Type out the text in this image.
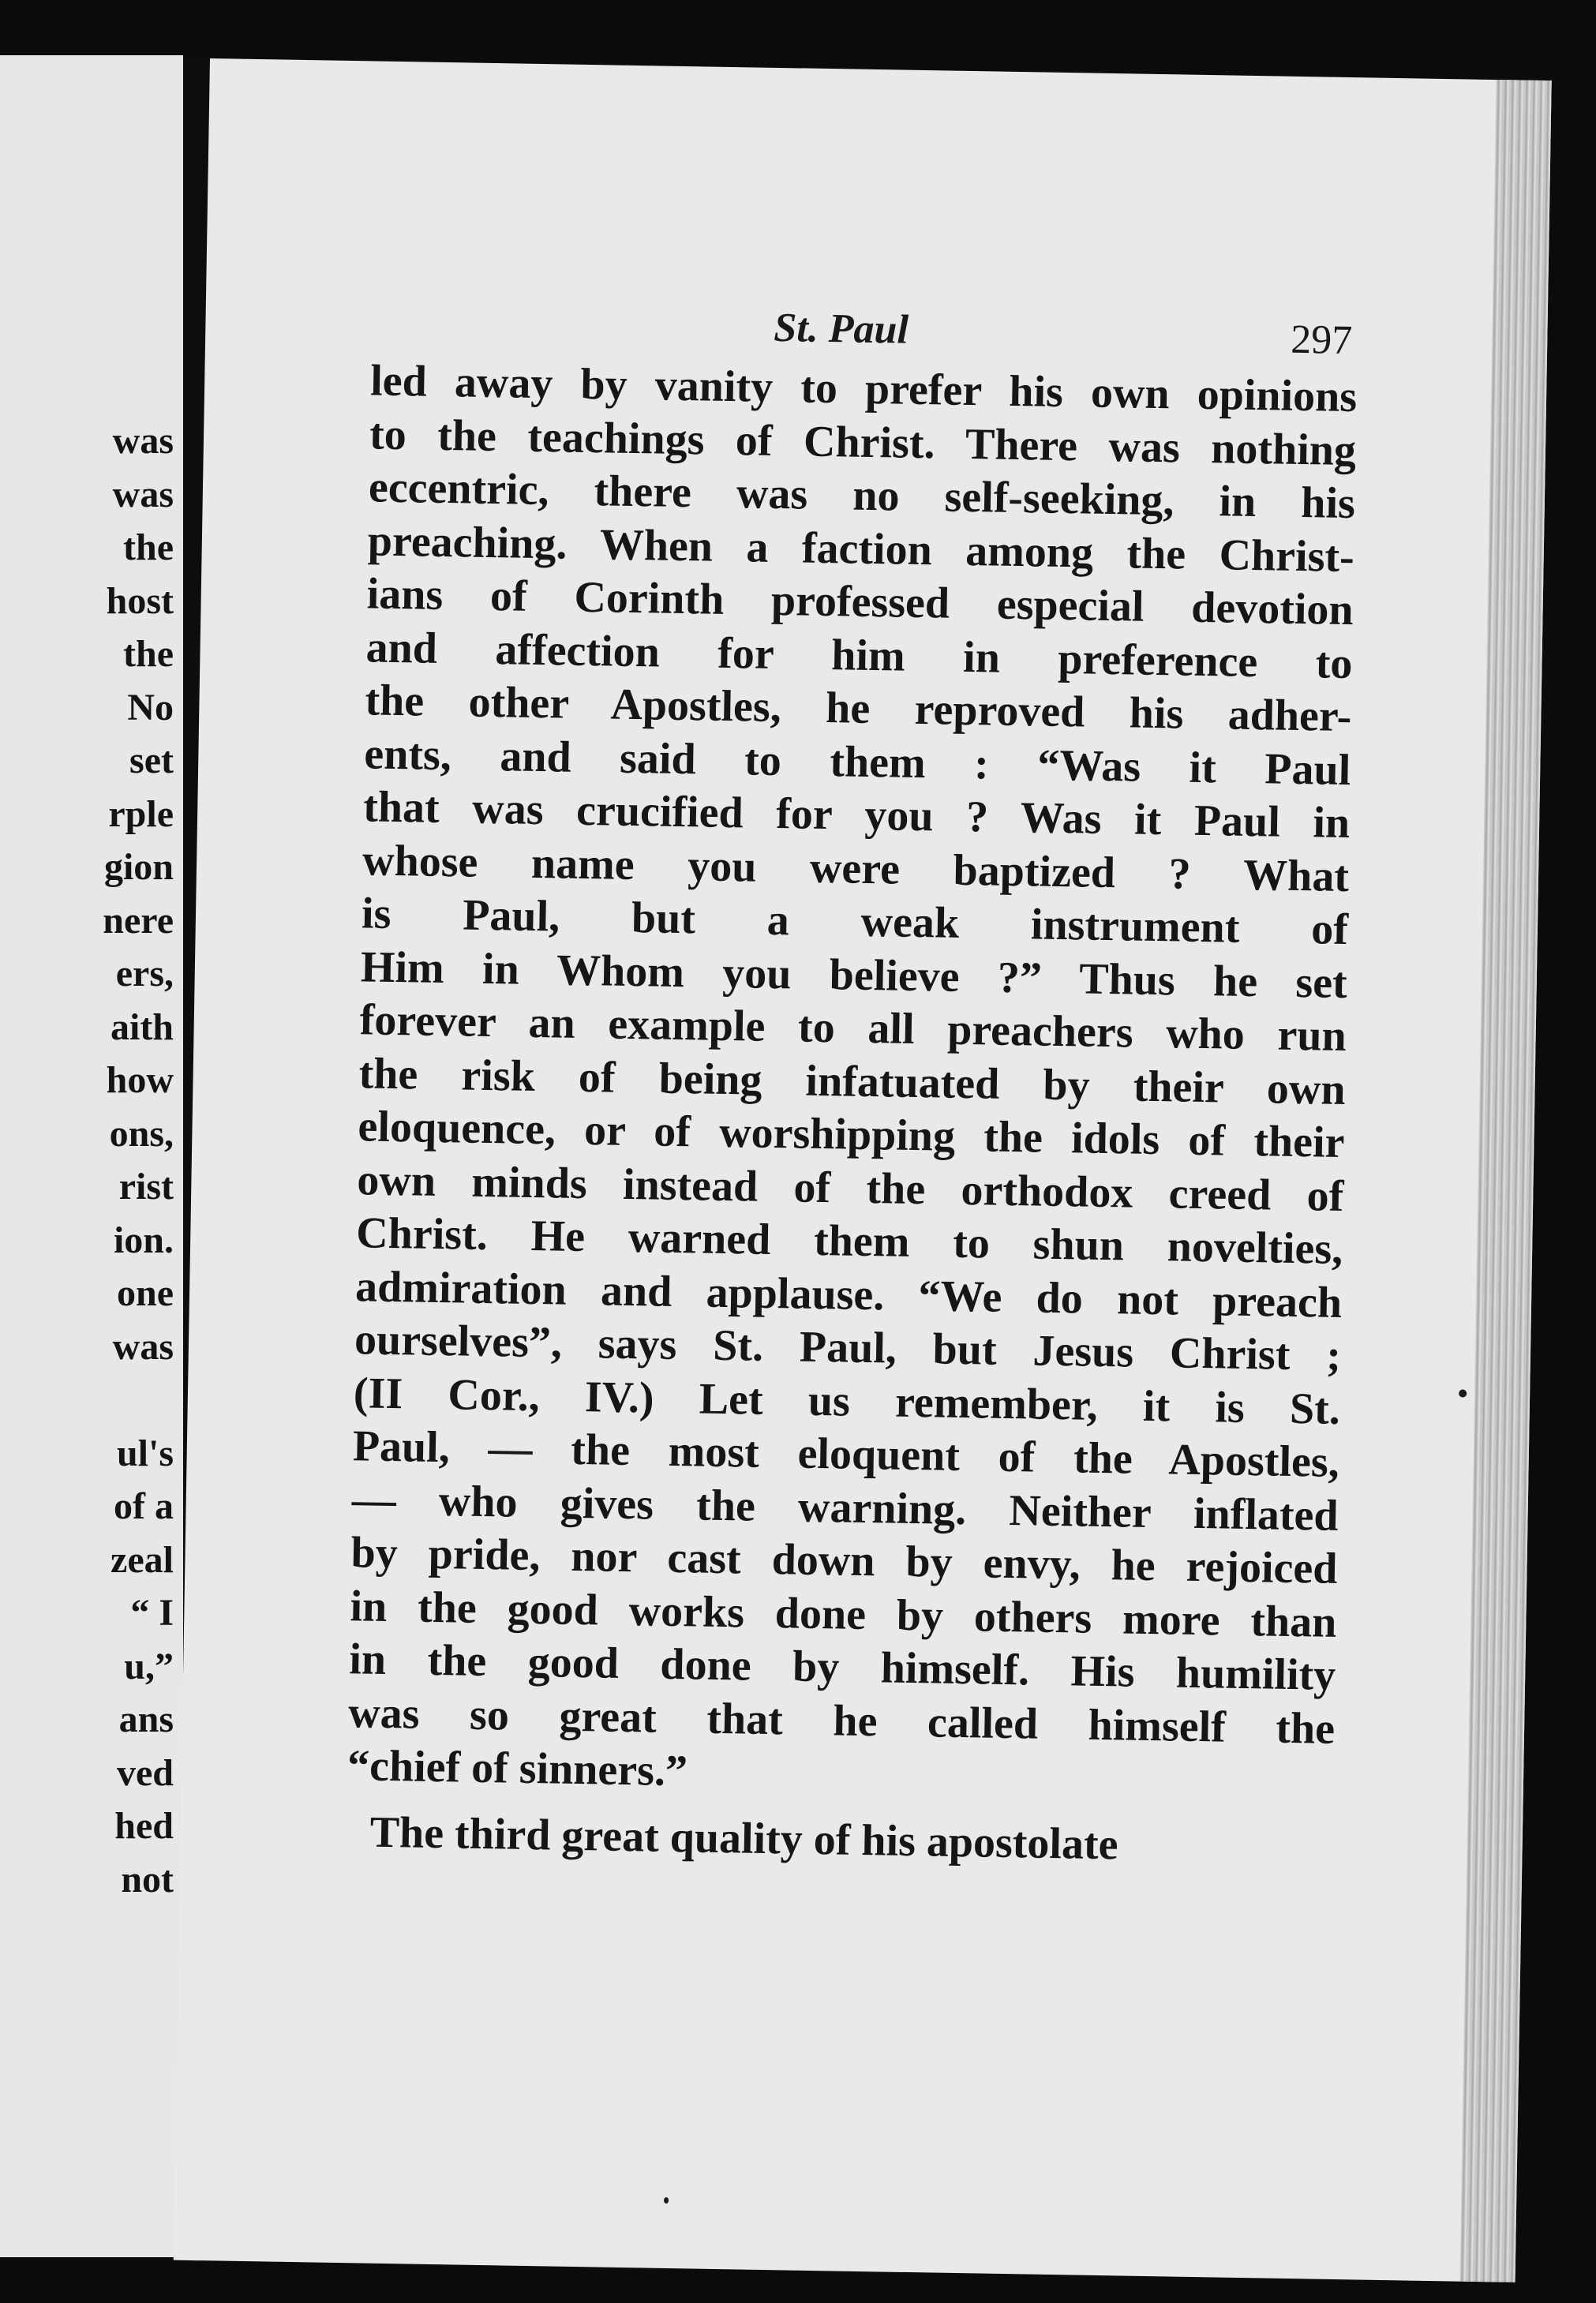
was
was
the
host
the
No
set
rple
gion
nere
ers,
aith
how
ons,
rist
ion.
one
was
ul's
of a
zeal
“ I
u,”
ans
ved
hed
not
St. Paul	297
led away by vanity to prefer his own opinions
to the teachings of Christ. There was nothing
eccentric, there was no self-seeking, in his
preaching. When a faction among the Christ-
ians of Corinth professed especial devotion
and affection for him in preference to
the other Apostles, he reproved his adher-
ents, and said to them : “Was it Paul
that was crucified for you ? Was it Paul in
whose name you were baptized ? What
is Paul, but a weak instrument of
Him in Whom you believe ?” Thus he set
forever an example to all preachers who run
the risk of being infatuated by their own
eloquence, or of worshipping the idols of their
own minds instead of the orthodox creed of
Christ. He warned them to shun novelties,
admiration and applause. “We do not preach
ourselves”, says St. Paul, but Jesus Christ ;
(II Cor., IV.) Let us remember, it is St.
Paul, — the most eloquent of the Apostles,
— who gives the warning. Neither inflated
by pride, nor cast down by envy, he rejoiced
in the good works done by others more than
in the good done by himself. His humility
was so great that he called himself the
“chief of sinners.”
The third great quality of his apostolate
